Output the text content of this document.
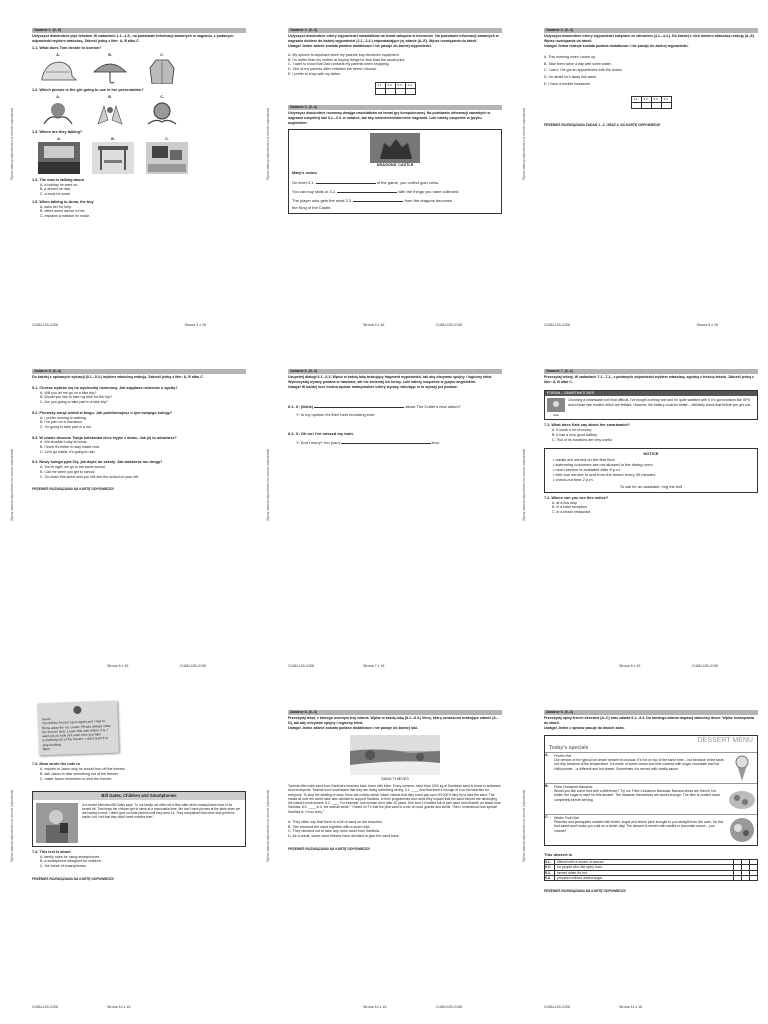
Wpisz własny odpowiedzi na stronie odpowiedzi
Zadanie 1. (0–5)
Usłyszysz dwukrotnie pięć tekstów. W zadaniach 1.1.–1.5., na podstawie informacji zawartych w nagraniu, z podanych odpowiedzi wybierz właściwą. Zakreśl jedną z liter: A, B albo C.
1.1. What does Tom decide to borrow?
A.	B.	C.
1.2. Which picture is the girl going to use in her presentation?
A.	B.	C.
1.3. Where are they talking?
A.	B.	C.
1.4. The man is talking about
A. a holiday he went on.
B. a dream he had.
C. a book he wrote.
1.5. When talking to Anna, the boy
A. asks her for help.
B. offers some advice to her.
C. explains a mistake he made.
OJAN-100-2106	Strona 3 z 16
Wpisz własny odpowiedzi na stronie odpowiedzi
Zadanie 2. (0–4)
Usłyszysz dwukrotnie cztery wypowiedzi nastolatków na temat zakupów w Internecie. Na podstawie informacji zawartych w nagraniu dobierz do każdej wypowiedzi (2.1.–2.4.) odpowiadające jej zdanie (A–E). Wpisz rozwiązania do tabeli.
Uwaga! Jedno zdanie zostało podane dodatkowo i nie pasuje do żadnej wypowiedzi.
A. My opinion is important when my parents buy electronic equipment.
B. I'm better than my mother at buying things for less than the usual price.
C. I want to know that Dad contacts my parents when shopping.
D. One of my parents often criticises the items I choose.
E. I prefer to shop with my father.
2.1.	2.2.	2.3.	2.4.

Zadanie 3. (0–3)
Usłyszysz dwukrotnie rozmowę dwojga nastolatków na temat gry komputerowej. Na podstawie informacji zawartych w nagraniu uzupełnij luki 3.1.–3.3. w notatce, tak aby odzwierciedlała treść nagrania. Luki należy uzupełnić w języku angielskim.
DRAGONS' CASTLE
Mary's notes:
On level 3.1.	of the game, you collect gold coins.
You can buy skills or 3.2.	with the things you have collected.
The player who gets the most 3.3.	from the dragons becomes
the King of the Castle.
Strona 4 z 16	OJAN-100-2106
Wpisz własny odpowiedzi na stronie odpowiedzi
Zadanie 4. (0–4)
Usłyszysz dwukrotnie cztery wypowiedzi związane ze zdrowiem (4.1.–4.4.). Do każdej z nich dobierz właściwą reakcję (A–E). Wpisz rozwiązania do tabeli.
Uwaga! Jedna reakcja została podana dodatkowo i nie pasuje do żadnej wypowiedzi.
A. This morning when I woke up.
B. Take them twice a day with some water.
C. I can't, I've got an appointment with the doctor.
D. I'm afraid he's away this week.
E. I have a terrible headache.
4.1.	4.2.	4.3.	4.4.

PRZENIEŚ ROZWIĄZANIA ZADAŃ 1.–3. ORAZ 4. NA KARTĘ ODPOWIEDZI!
OJAN-100-2106	Strona 5 z 16
Wpisz własny odpowiedzi na stronie odpowiedzi
Zadanie 5. (0–4)
Do każdej z opisanych sytuacji (5.1.–5.4.) wybierz właściwą reakcję. Zakreśl jedną z liter: A, B albo C.
5.1. Chcesz wybrać się na wycieczkę rowerową. Jak zapytasz rodziców o zgodę?
A. Will you let me go on a bike trip?
B. Would you like to take my bike for the trip?
C. Are you going to take part in a bike trip?
5.2. Pierwszy wziąć udział w biegu. Jak poinformujesz o tym swojego kolegę?
A. I prefer running to walking.
B. I've just run a marathon.
C. I'm going to take part in a run.
5.3. W czasie deszczu Twoja koleżanka chce wyjść z domu. Jak jej to odradzisz?
A. We shouldn't stay at home.
B. I think it's better to stay inside now.
C. Let's go inside, it's going to rain.
5.4. Nowy kolega pyta Cię, jak dojść do szkoły. Jak wskażesz mu drogę?
A. You're right; we go to the same school.
B. Call me when you get to school.
C. Go down this street and you will see the school on your left.
PRZENIEŚ ROZWIĄZANIA NA KARTĘ ODPOWIEDZI!
Strona 6 z 16	OJAN-100-2106
Wpisz własny odpowiedzi na stronie odpowiedzi
Zadanie 6. (0–3)
Uzupełnij dialogi 6.1.–6.3. Wpisz w każdą lukę brakujący fragment wypowiedzi, tak aby otrzymać spójny i logiczny tekst. Wykorzystaj wyrazy podane w nawiasie, ale nie zmieniaj ich formy. Luki należy uzupełnić w języku angielskim.
Uwaga! W każdej luce można wpisać maksymalnie cztery wyrazy, wliczając w to wyrazy już podane.
6.1. X: (think)	about The Cutter's new album?
Y: In my opinion it's their best recording ever.
6.2. X: Oh no! I've missed my train.
Y: Don't worry! You (can)	bus.
OJAN-100-2106	Strona 7 z 16
Wpisz własny odpowiedzi na stronie odpowiedzi
Zadanie 7. (0–2)
Przeczytaj teksty. W zadaniach 7.1.–7.2., z podanych odpowiedzi wybierz właściwą, zgodną z treścią tekstu. Zakreśl jedną z liter: A, B albo C.
FORUM – SMARTWATCHES
Kate
Choosing a smartwatch isn't that difficult. I've bought a cheap one and I'm quite satisfied with it. It's got functions like GPS and a heart rate monitor which are brilliant. However, the battery could be better – definitely check that before you get one.
7.1. What does Kate say about her smartwatch?
A. It costs a lot of money.
B. It has a very good battery.
C. Two of its functions are very useful.
NOTICE
• meals are served on the first floor
• swimming costumes are not allowed in the dining room
• room service is available after 8 p.m.
• free bus service to and from the beach every 30 minutes
• check-out time 2 p.m.
To call for an assistant, ring the bell
7.2. Where can you see this notice?
A. at a bus stop
B. in a hotel reception
C. in a beach restaurant
Strona 8 z 16	OJAN-100-2106
Wpisz własny odpowiedzi na stronie odpowiedzi
Jason,
You left the freezer open again and I had to throw away the ice cream. Please always close the freezer door. Leave this note where it is. I want you to look at it each time you take something out of the freezer. I don't want it to stop working.
Mum
7.3. Mum wrote the note to
A. explain to Jason why he should turn off the freezer.
B. ask Jason to take something out of the freezer.
C. make Jason remember to shut the freezer.
Bill Gates, Children and Smartphones
In a recent interview Bill Gates says: "In our family, we often set a time after which smartphones have to be turned off. That helps the children get to sleep at a reasonable time. We don't have phones at the table when we are having a meal. I didn't give our kids phones until they were 14. They complained that other kids got them earlier, but I felt that they didn't need mobiles then."
7.4. This text is about
A. family rules for using smartphones.
B. a smartphone designed for children.
C. the future of smartphones.
PRZENIEŚ ROZWIĄZANIA NA KARTĘ ODPOWIEDZI!
OJAN-100-2106	Strona 10 z 16
Wpisz własny odpowiedzi na stronie odpowiedzi
Zadanie 8. (0–4)
Przeczytaj tekst, z którego usunięto trzy zdania. Wpisz w każdą lukę (8.1.–8.3.) literę, którą oznaczono brakujące zdanie (A–D), tak aby otrzymać spójny i logiczny tekst.
Uwaga! Jedno zdanie zostało podane dodatkowo i nie pasuje do żadnej luki.
SAND THIEVES
Tourists often take sand from Sardinia's beaches back home with them. Every summer, more than 1000 kg of Sardinian sand is found in suitcases at local airports. Tourists don't understand that they are doing something wrong. 8.1. ____ And that there's enough of it on the beaches for everyone. To stop the stealing of sand, there are notices which inform visitors that they could pay up to €3,000 if they try to take the sand. The media all over the world have also decided to support Sardinia. In their programmes and news they explain that the sand thieves are destroying the island's environment. 8.2. ____ For example, one woman did it after 20 years. She sent 14 bottles full of pink sand from Budelli, an island near Sardinia. 8.3. ____ In it, the woman wrote: "I heard on TV that the pink sand is a mix of coral, granite and shells. Then I understood how special Sardinia is. I'm so sorry."
A. They often say that there is a lot of sand on the beaches.
B. She returned the sand together with a short note.
C. They decided not to take any more sand from Sardinia.
D. As a result, some sand thieves have decided to give the sand back.
PRZENIEŚ ROZWIĄZANIA NA KARTĘ ODPOWIEDZI!
Strona 10 z 16	OJAN-100-2106
Wpisz własny odpowiedzi na stronie odpowiedzi
Zadanie 9. (0–4)
Przeczytaj opisy trzech deserów (A–C) oraz zdania 9.1.–9.4. Do każdego zdania dopasuj właściwy deser. Wpisz rozwiązania do tabeli.
Uwaga! Jeden z opisów pasuje do dwóch zdań.
DESSERT MENU
Today's specials
A.	Frozen Hat
Our version of the typical ice cream dessert is unusual. It's hot on top of the same time – not because of the taste, not only because of the temperature. It's made of sweet cream and milk covered with sugar, chocolate and hot chilli powder – a different and hot dream. Sometimes it is served with vanilla sauce.
B.	Fried Cinnamon Bananas
Would you like some fruit with a difference? Try our Fried Cinnamon Bananas. Banana slices are fried in hot butter, the sugar is used for this dessert. The bananas themselves are sweet enough. The dish is cooked down completely before serving.
C.	Winter Fruit Dish
Peaches and pineapples roasted with butter, sugar and lemon juice brought to you straight from the oven, for this fruit salad won't make you cold on a winter day! The dessert is served with vanilla or chocolate sauce – you choose!
This dessert is
9.1.	offered with a choice of sauces.			
9.2.	for people who like spicy food.			
9.3.	served when it's hot.			
9.4.	prepared without added sugar.			
PRZENIEŚ ROZWIĄZANIA NA KARTĘ ODPOWIEDZI!
OJAN-100-2106	Strona 11 z 16
